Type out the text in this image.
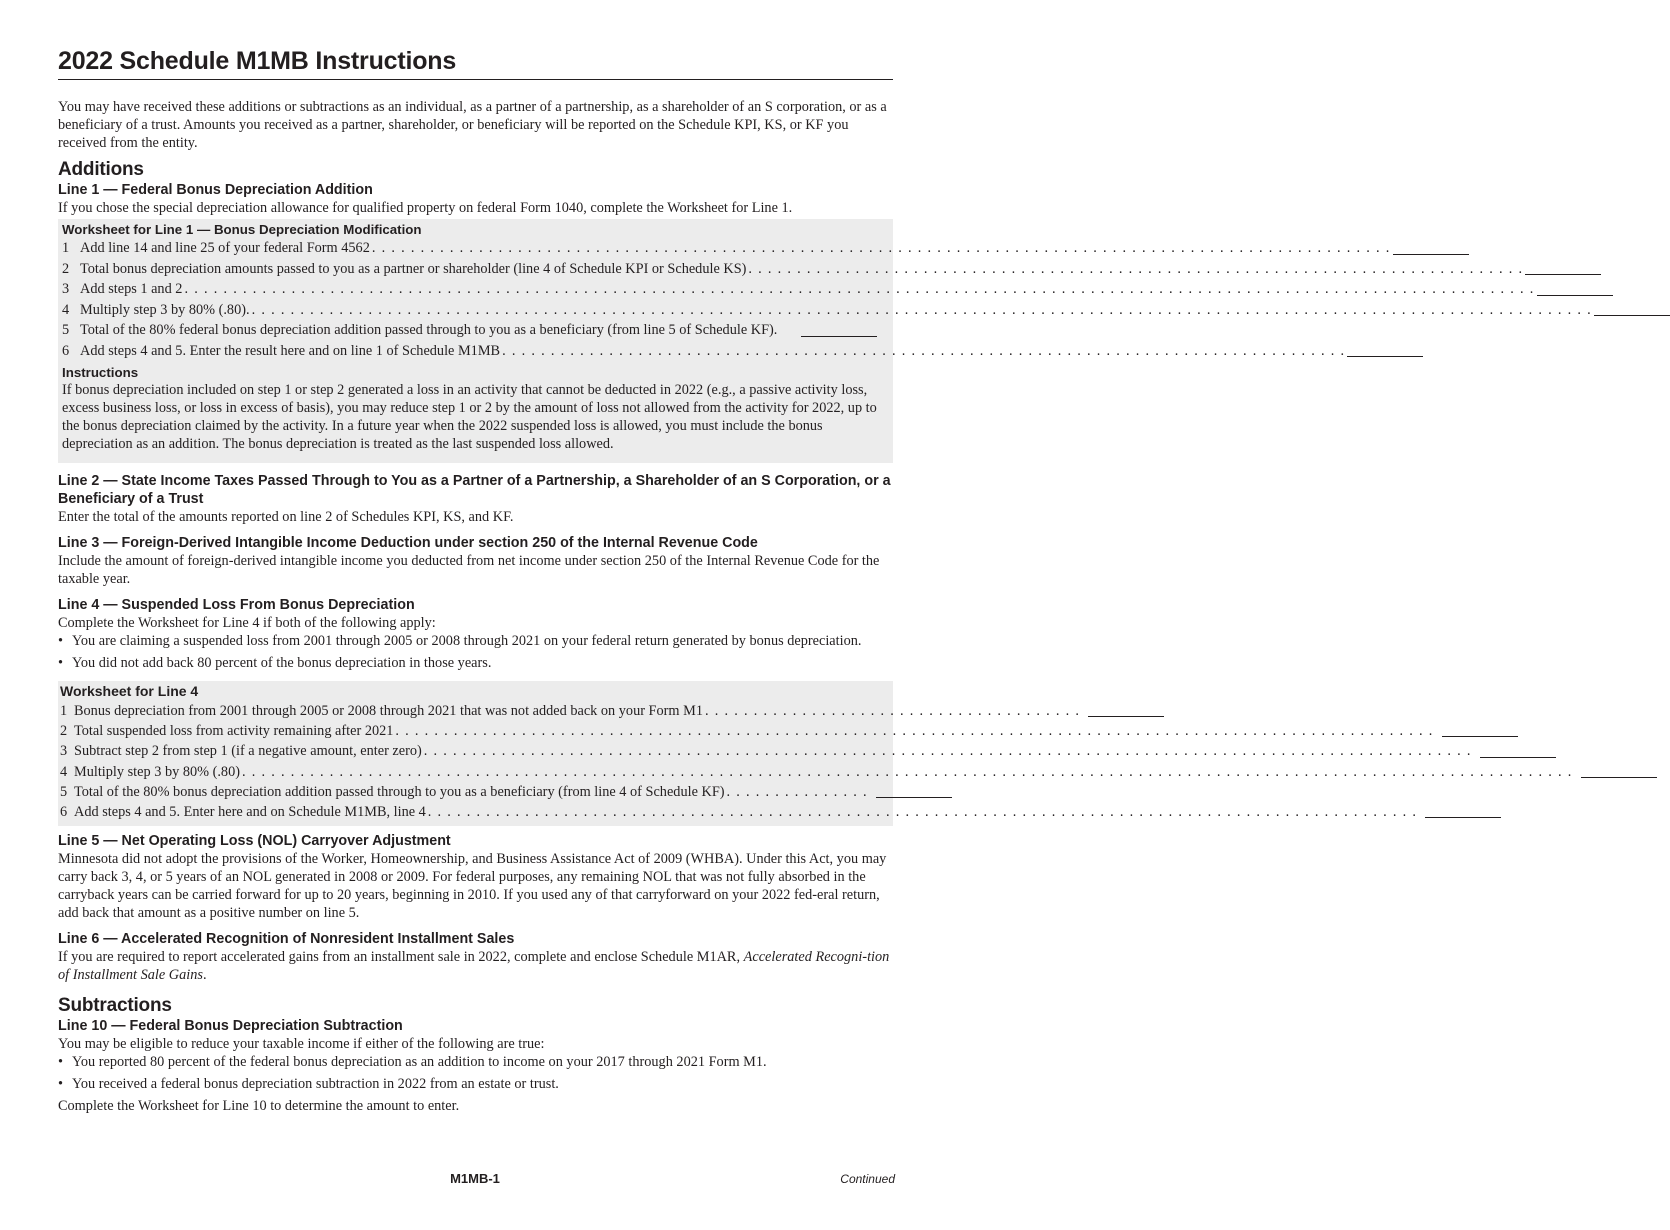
2022 Schedule M1MB Instructions

You may have received these additions or subtractions as an individual, as a partner of a partnership, as a shareholder of an S corporation, or as a beneficiary of a trust. Amounts you received as a partner, shareholder, or beneficiary will be reported on the Schedule KPI, KS, or KF you received from the entity.

Additions
Line 1 — Federal Bonus Depreciation Addition

If you chose the special depreciation allowance for qualified property on federal Form 1040, complete the Worksheet for Line 1.

Worksheet for Line 1 — Bonus Depreciation Modification
1 Add line 14 and line 25 of your federal Form 4562 . . . . . . . . . . . . . . . . . . . . . . . . . . . . . . . . . . . . . . . . . . . . . . . . . . . . . . . . . . . . . . . . . . . . . . . . . . . . . . . . . . . . . . . . . . . . . . . . . . . . . . . . .
2 Total bonus depreciation amounts passed to you as a partner or shareholder (line 4 of Schedule KPI or Schedule KS) . . . . . . . . . . . . . . . . . . . . . . . . . . . . . . . . . . . . . . . . . . . . . . . . . . . . . . . . . . . . . . . . . . . . . . . . . . . . . . . .
3 Add steps 1 and 2 . . . . . . . . . . . . . . . . . . . . . . . . . . . . . . . . . . . . . . . . . . . . . . . . . . . . . . . . . . . . . . . . . . . . . . . . . . . . . . . . . . . . . . . . . . . . . . . . . . . . . . . . . . . . . . . . . . . . . . . . . . . . . . . . . . . . . . . . . . .
4 Multiply step 3 by 80% (.80). . . . . . . . . . . . . . . . . . . . . . . . . . . . . . . . . . . . . . . . . . . . . . . . . . . . . . . . . . . . . . . . . . . . . . . . . . . . . . . . . . . . . . . . . . . . . . . . . . . . . . . . . . . . . . . . . . . . . . . . . . . . . . . . . . . . . . . . . . .
5 Total of the 80% federal bonus depreciation addition passed through to you as a beneficiary (from line 5 of Schedule KF).
6 Add steps 4 and 5. Enter the result here and on line 1 of Schedule M1MB . . . . . . . . . . . . . . . . . . . . . . . . . . . . . . . . . . . . . . . . . . . . . . . . . . . . . . . . . . . . . . . . . . . . . . . . . . . . . . . . . . . . . . .
Instructions
If bonus depreciation included on step 1 or step 2 generated a loss in an activity that cannot be deducted in 2022 (e.g., a passive activity loss, excess business loss, or loss in excess of basis), you may reduce step 1 or 2 by the amount of loss not allowed from the activity for 2022, up to the bonus depreciation claimed by the activity. In a future year when the 2022 suspended loss is allowed, you must include the bonus depreciation as an addition. The bonus depreciation is treated as the last suspended loss allowed.
Line 2 — State Income Taxes Passed Through to You as a Partner of a Partnership, a Shareholder of an S Corporation, or a Beneficiary of a Trust

Enter the total of the amounts reported on line 2 of Schedules KPI, KS, and KF.

Line 3 — Foreign-Derived Intangible Income Deduction under section 250 of the Internal Revenue Code

Include the amount of foreign-derived intangible income you deducted from net income under section 250 of the Internal Revenue Code for the taxable year.

Line 4 — Suspended Loss From Bonus Depreciation

Complete the Worksheet for Line 4 if both of the following apply:

• You are claiming a suspended loss from 2001 through 2005 or 2008 through 2021 on your federal return generated by bonus depreciation.
• You did not add back 80 percent of the bonus depreciation in those years.
Worksheet for Line 4
1 Bonus depreciation from 2001 through 2005 or 2008 through 2021 that was not added back on your Form M1 . . . . . . . . . . . . . . . . . . . . . . . . . . . . . . . . . . . . . . .
2 Total suspended loss from activity remaining after 2021 . . . . . . . . . . . . . . . . . . . . . . . . . . . . . . . . . . . . . . . . . . . . . . . . . . . . . . . . . . . . . . . . . . . . . . . . . . . . . . . . . . . . . . . . . . . . . . . . . . . . . . . . . . .
3 Subtract step 2 from step 1 (if a negative amount, enter zero) . . . . . . . . . . . . . . . . . . . . . . . . . . . . . . . . . . . . . . . . . . . . . . . . . . . . . . . . . . . . . . . . . . . . . . . . . . . . . . . . . . . . . . . . . . . . . . . . . . . . . . . . . . . .
4 Multiply step 3 by 80% (.80) . . . . . . . . . . . . . . . . . . . . . . . . . . . . . . . . . . . . . . . . . . . . . . . . . . . . . . . . . . . . . . . . . . . . . . . . . . . . . . . . . . . . . . . . . . . . . . . . . . . . . . . . . . . . . . . . . . . . . . . . . . . . . . . . . . . . . . . . .
5 Total of the 80% bonus depreciation addition passed through to you as a beneficiary (from line 4 of Schedule KF) . . . . . . . . . . . . . . .
6 Add steps 4 and 5. Enter here and on Schedule M1MB, line 4 . . . . . . . . . . . . . . . . . . . . . . . . . . . . . . . . . . . . . . . . . . . . . . . . . . . . . . . . . . . . . . . . . . . . . . . . . . . . . . . . . . . . . . . . . . . . . . . . . . . . . .
Line 5 — Net Operating Loss (NOL) Carryover Adjustment

Minnesota did not adopt the provisions of the Worker, Homeownership, and Business Assistance Act of 2009 (WHBA). Under this Act, you may carry back 3, 4, or 5 years of an NOL generated in 2008 or 2009. For federal purposes, any remaining NOL that was not fully absorbed in the carryback years can be carried forward for up to 20 years, beginning in 2010. If you used any of that carryforward on your 2022 fed-eral return, add back that amount as a positive number on line 5.

Line 6 — Accelerated Recognition of Nonresident Installment Sales

If you are required to report accelerated gains from an installment sale in 2022, complete and enclose Schedule M1AR, Accelerated Recogni-tion of Installment Sale Gains.

Subtractions
Line 10 — Federal Bonus Depreciation Subtraction

You may be eligible to reduce your taxable income if either of the following are true:

• You reported 80 percent of the federal bonus depreciation as an addition to income on your 2017 through 2021 Form M1.
• You received a federal bonus depreciation subtraction in 2022 from an estate or trust.

Complete the Worksheet for Line 10 to determine the amount to enter.

M1MB-1	Continued
